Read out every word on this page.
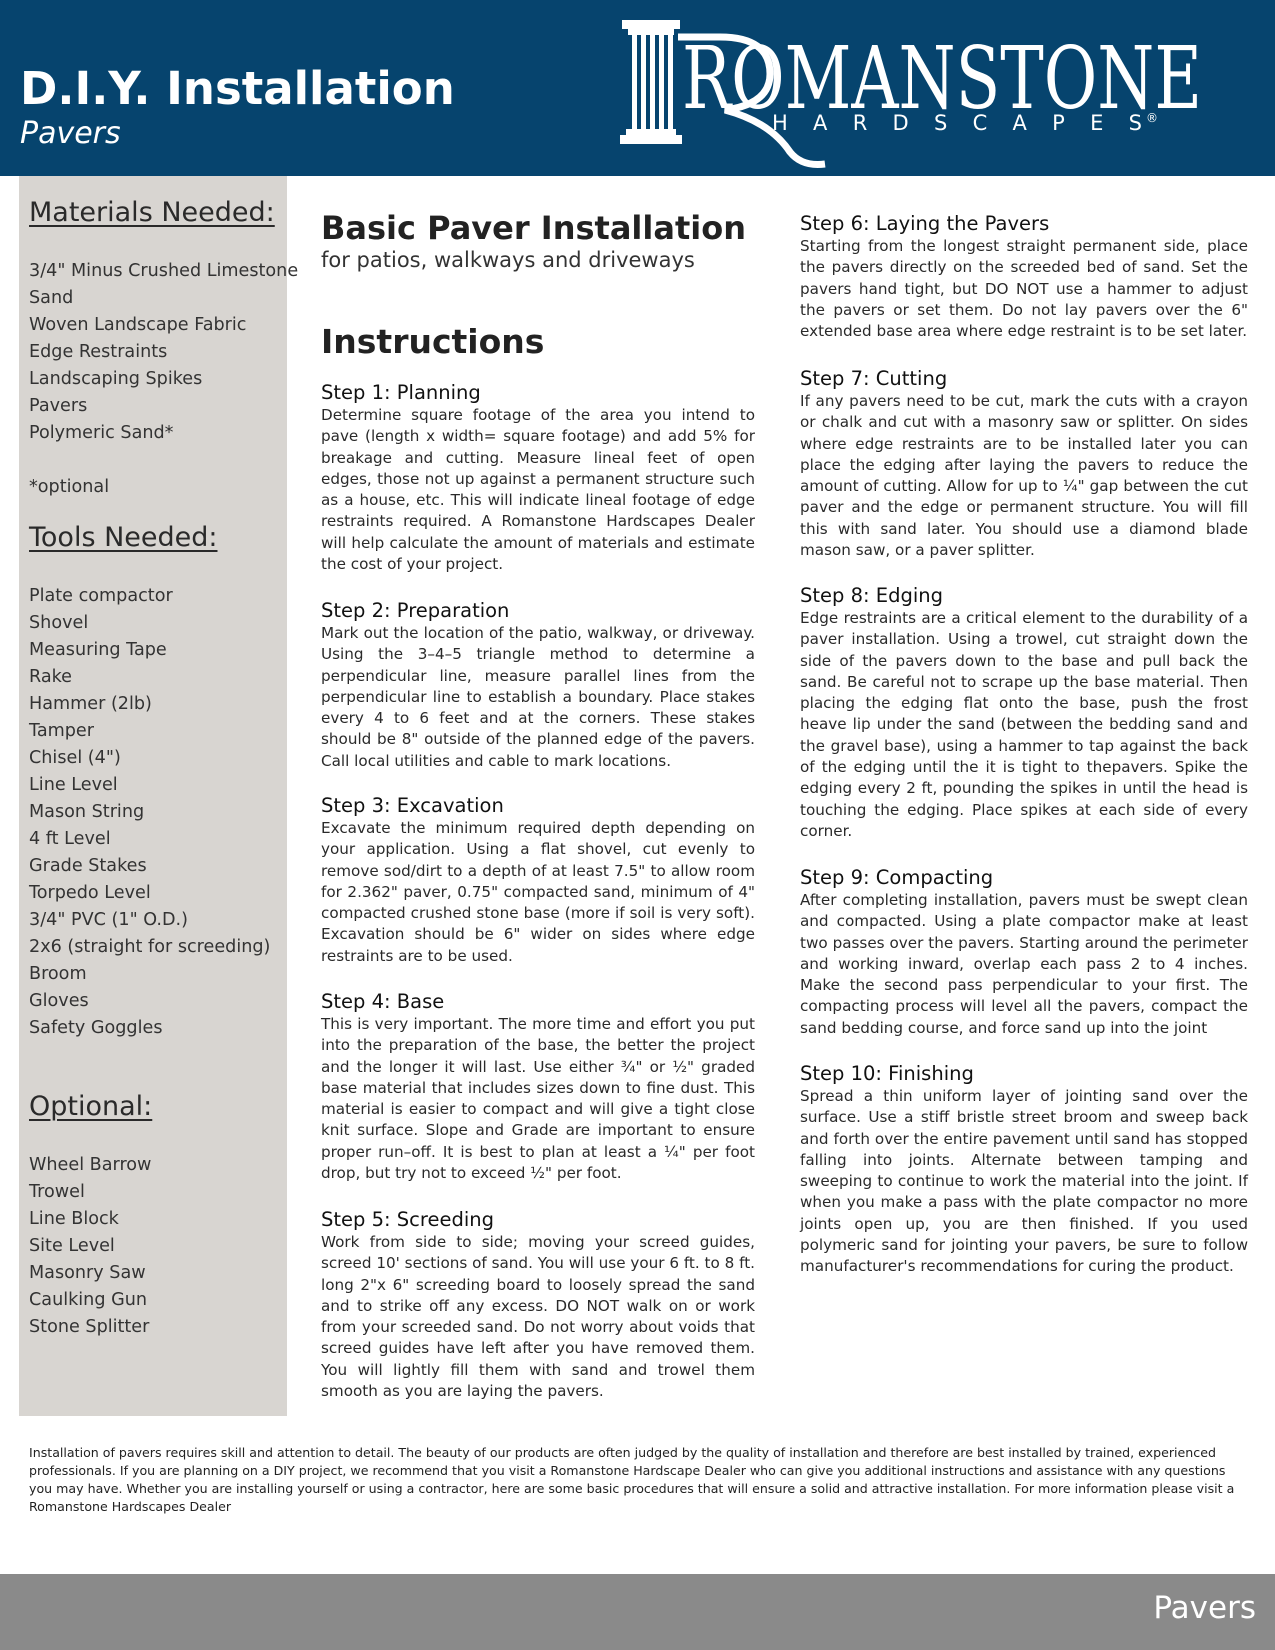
D.I.Y. Installation
Pavers
ROMANSTONE
HARDSCAPES ®
Materials Needed:
3/4" Minus Crushed Limestone
Sand
Woven Landscape Fabric
Edge Restraints
Landscaping Spikes
Pavers
Polymeric Sand*

*optional
Tools Needed:
Plate compactor
Shovel
Measuring Tape
Rake
Hammer (2lb)
Tamper
Chisel (4")
Line Level
Mason String
4 ft Level
Grade Stakes
Torpedo Level
3/4" PVC (1" O.D.)
2x6 (straight for screeding)
Broom
Gloves
Safety Goggles
Optional:
Wheel Barrow
Trowel
Line Block
Site Level
Masonry Saw
Caulking Gun
Stone Splitter
Basic Paver Installation
for patios, walkways and driveways
Instructions
Step 1: Planning

Determine square footage of the area you intend to pave (length x width= square footage) and add 5% for breakage and cutting. Measure lineal feet of open edges, those not up against a permanent structure such as a house, etc. This will indicate lineal footage of edge restraints required. A Romanstone Hardscapes Dealer will help calculate the amount of materials and estimate the cost of your project.

Step 2: Preparation

Mark out the location of the patio, walkway, or driveway. Using the 3–4–5 triangle method to determine a perpendicular line, measure parallel lines from the perpendicular line to establish a boundary. Place stakes every 4 to 6 feet and at the corners. These stakes should be 8" outside of the planned edge of the pavers. Call local utilities and cable to mark locations.

Step 3: Excavation

Excavate the minimum required depth depending on your application. Using a flat shovel, cut evenly to remove sod/dirt to a depth of at least 7.5" to allow room for 2.362" paver, 0.75" compacted sand, minimum of 4" compacted crushed stone base (more if soil is very soft). Excavation should be 6" wider on sides where edge restraints are to be used.

Step 4: Base

This is very important. The more time and effort you put into the preparation of the base, the better the project and the longer it will last. Use either ¾" or ½" graded base material that includes sizes down to fine dust. This material is easier to compact and will give a tight close knit surface. Slope and Grade are important to ensure proper run–off. It is best to plan at least a ¼" per foot drop, but try not to exceed ½" per foot.

Step 5: Screeding

Work from side to side; moving your screed guides, screed 10' sections of sand. You will use your 6 ft. to 8 ft. long 2"x 6" screeding board to loosely spread the sand and to strike off any excess. DO NOT walk on or work from your screeded sand. Do not worry about voids that screed guides have left after you have removed them. You will lightly fill them with sand and trowel them smooth as you are laying the pavers.

Step 6: Laying the Pavers

Starting from the longest straight permanent side, place the pavers directly on the screeded bed of sand. Set the pavers hand tight, but DO NOT use a hammer to adjust the pavers or set them. Do not lay pavers over the 6" extended base area where edge restraint is to be set later.

Step 7: Cutting

If any pavers need to be cut, mark the cuts with a crayon or chalk and cut with a masonry saw or splitter. On sides where edge restraints are to be installed later you can place the edging after laying the pavers to reduce the amount of cutting. Allow for up to ¼" gap between the cut paver and the edge or permanent structure. You will fill this with sand later. You should use a diamond blade mason saw, or a paver splitter.

Step 8: Edging

Edge restraints are a critical element to the durability of a paver installation. Using a trowel, cut straight down the side of the pavers down to the base and pull back the sand. Be careful not to scrape up the base material. Then placing the edging flat onto the base, push the frost heave lip under the sand (between the bedding sand and the gravel base), using a hammer to tap against the back of the edging until the it is tight to thepavers. Spike the edging every 2 ft, pounding the spikes in until the head is touching the edging. Place spikes at each side of every corner.

Step 9: Compacting

After completing installation, pavers must be swept clean and compacted. Using a plate compactor make at least two passes over the pavers. Starting around the perimeter and working inward, overlap each pass 2 to 4 inches. Make the second pass perpendicular to your first. The compacting process will level all the pavers, compact the sand bedding course, and force sand up into the joint

Step 10: Finishing

Spread a thin uniform layer of jointing sand over the surface. Use a stiff bristle street broom and sweep back and forth over the entire pavement until sand has stopped falling into joints. Alternate between tamping and sweeping to continue to work the material into the joint. If when you make a pass with the plate compactor no more joints open up, you are then finished. If you used polymeric sand for jointing your pavers, be sure to follow manufacturer's recommendations for curing the product.

Installation of pavers requires skill and attention to detail. The beauty of our products are often judged by the quality of installation and therefore are best installed by trained, experienced professionals. If you are planning on a DIY project, we recommend that you visit a Romanstone Hardscape Dealer who can give you additional instructions and assistance with any questions you may have. Whether you are installing yourself or using a contractor, here are some basic procedures that will ensure a solid and attractive installation. For more information please visit a Romanstone Hardscapes Dealer

Pavers
